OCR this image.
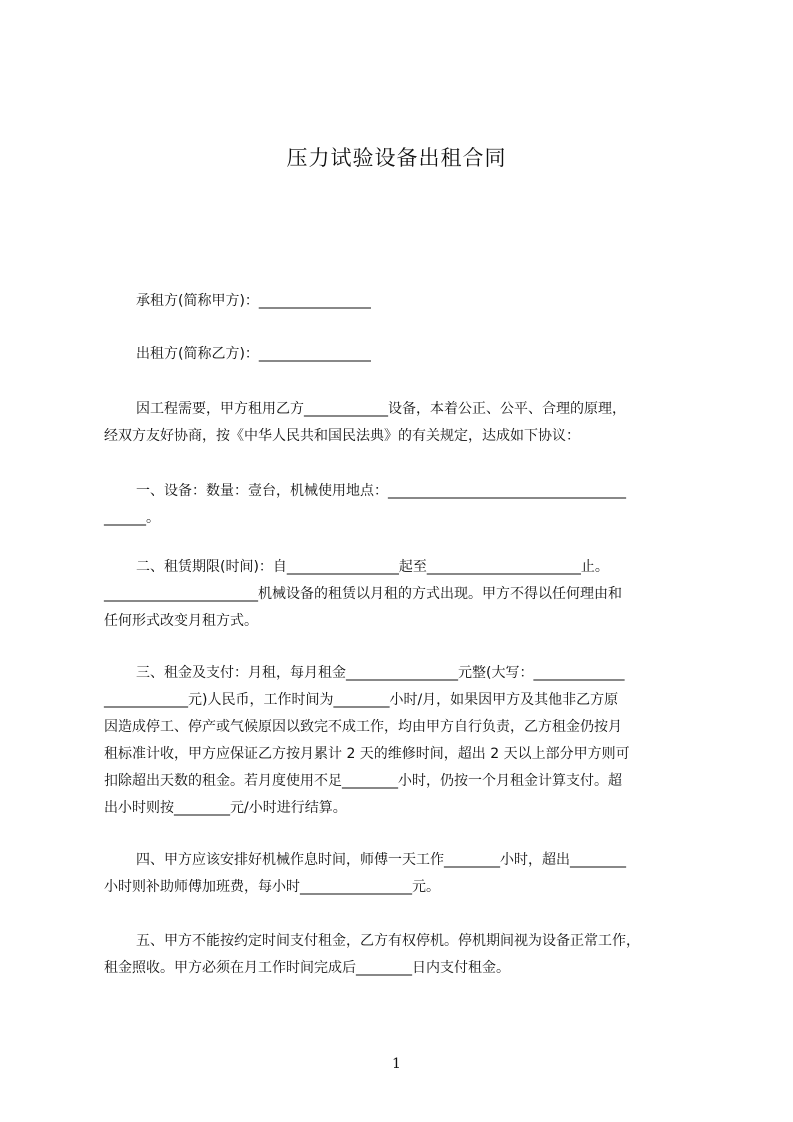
压力试验设备出租合同
承租方(简称甲方)：________________
出租方(简称乙方)：________________
因工程需要，甲方租用乙方____________设备，本着公正、公平、合理的原理，
经双方友好协商，按《中华人民共和国民法典》的有关规定，达成如下协议：
一、设备：数量：壹台，机械使用地点：__________________________________
______。
二、租赁期限(时间)：自________________起至______________________止。
______________________机械设备的租赁以月租的方式出现。甲方不得以任何理由和
任何形式改变月租方式。
三、租金及支付：月租，每月租金________________元整(大写：_____________
____________元)人民币，工作时间为________小时/月，如果因甲方及其他非乙方原
因造成停工、停产或气候原因以致完不成工作，均由甲方自行负责，乙方租金仍按月
租标准计收，甲方应保证乙方按月累计 2 天的维修时间，超出 2 天以上部分甲方则可
扣除超出天数的租金。若月度使用不足________小时，仍按一个月租金计算支付。超
出小时则按________元/小时进行结算。
四、甲方应该安排好机械作息时间，师傅一天工作________小时，超出________
小时则补助师傅加班费，每小时________________元。
五、甲方不能按约定时间支付租金，乙方有权停机。停机期间视为设备正常工作，
租金照收。甲方必须在月工作时间完成后________日内支付租金。
1
